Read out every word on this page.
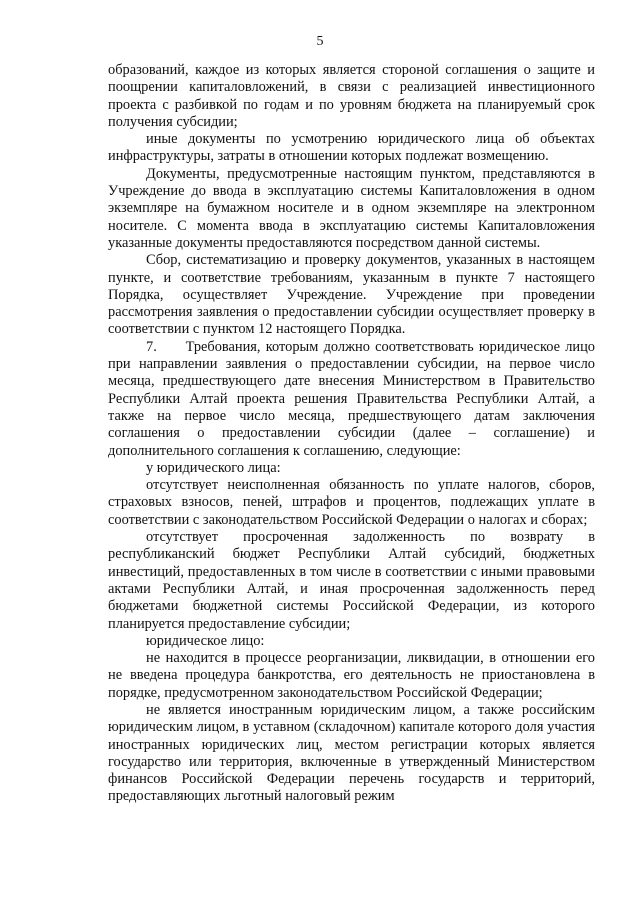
5

образований, каждое из которых является стороной соглашения о защите и поощрении капиталовложений, в связи с реализацией инвестиционного проекта с разбивкой по годам и по уровням бюджета на планируемый срок получения субсидии;

иные документы по усмотрению юридического лица об объектах инфраструктуры, затраты в отношении которых подлежат возмещению.

Документы, предусмотренные настоящим пунктом, представляются в Учреждение до ввода в эксплуатацию системы Капиталовложения в одном экземпляре на бумажном носителе и в одном экземпляре на электронном носителе. С момента ввода в эксплуатацию системы Капиталовложения указанные документы предоставляются посредством данной системы.

Сбор, систематизацию и проверку документов, указанных в настоящем пункте, и соответствие требованиям, указанным в пункте 7 настоящего Порядка, осуществляет Учреждение. Учреждение при проведении рассмотрения заявления о предоставлении субсидии осуществляет проверку в соответствии с пунктом 12 настоящего Порядка.

7.  Требования, которым должно соответствовать юридическое лицо при направлении заявления о предоставлении субсидии, на первое число месяца, предшествующего дате внесения Министерством в Правительство Республики Алтай проекта решения Правительства Республики Алтай, а также на первое число месяца, предшествующего датам заключения соглашения о предоставлении субсидии (далее – соглашение) и дополнительного соглашения к соглашению, следующие:

у юридического лица:

отсутствует неисполненная обязанность по уплате налогов, сборов, страховых взносов, пеней, штрафов и процентов, подлежащих уплате в соответствии с законодательством Российской Федерации о налогах и сборах;

отсутствует просроченная задолженность по возврату в республиканский бюджет Республики Алтай субсидий, бюджетных инвестиций, предоставленных в том числе в соответствии с иными правовыми актами Республики Алтай, и иная просроченная задолженность перед бюджетами бюджетной системы Российской Федерации, из которого планируется предоставление субсидии;

юридическое лицо:

не находится в процессе реорганизации, ликвидации, в отношении его не введена процедура банкротства, его деятельность не приостановлена в порядке, предусмотренном законодательством Российской Федерации;

не является иностранным юридическим лицом, а также российским юридическим лицом, в уставном (складочном) капитале которого доля участия иностранных юридических лиц, местом регистрации которых является государство или территория, включенные в утвержденный Министерством финансов Российской Федерации перечень государств и территорий, предоставляющих льготный налоговый режим
